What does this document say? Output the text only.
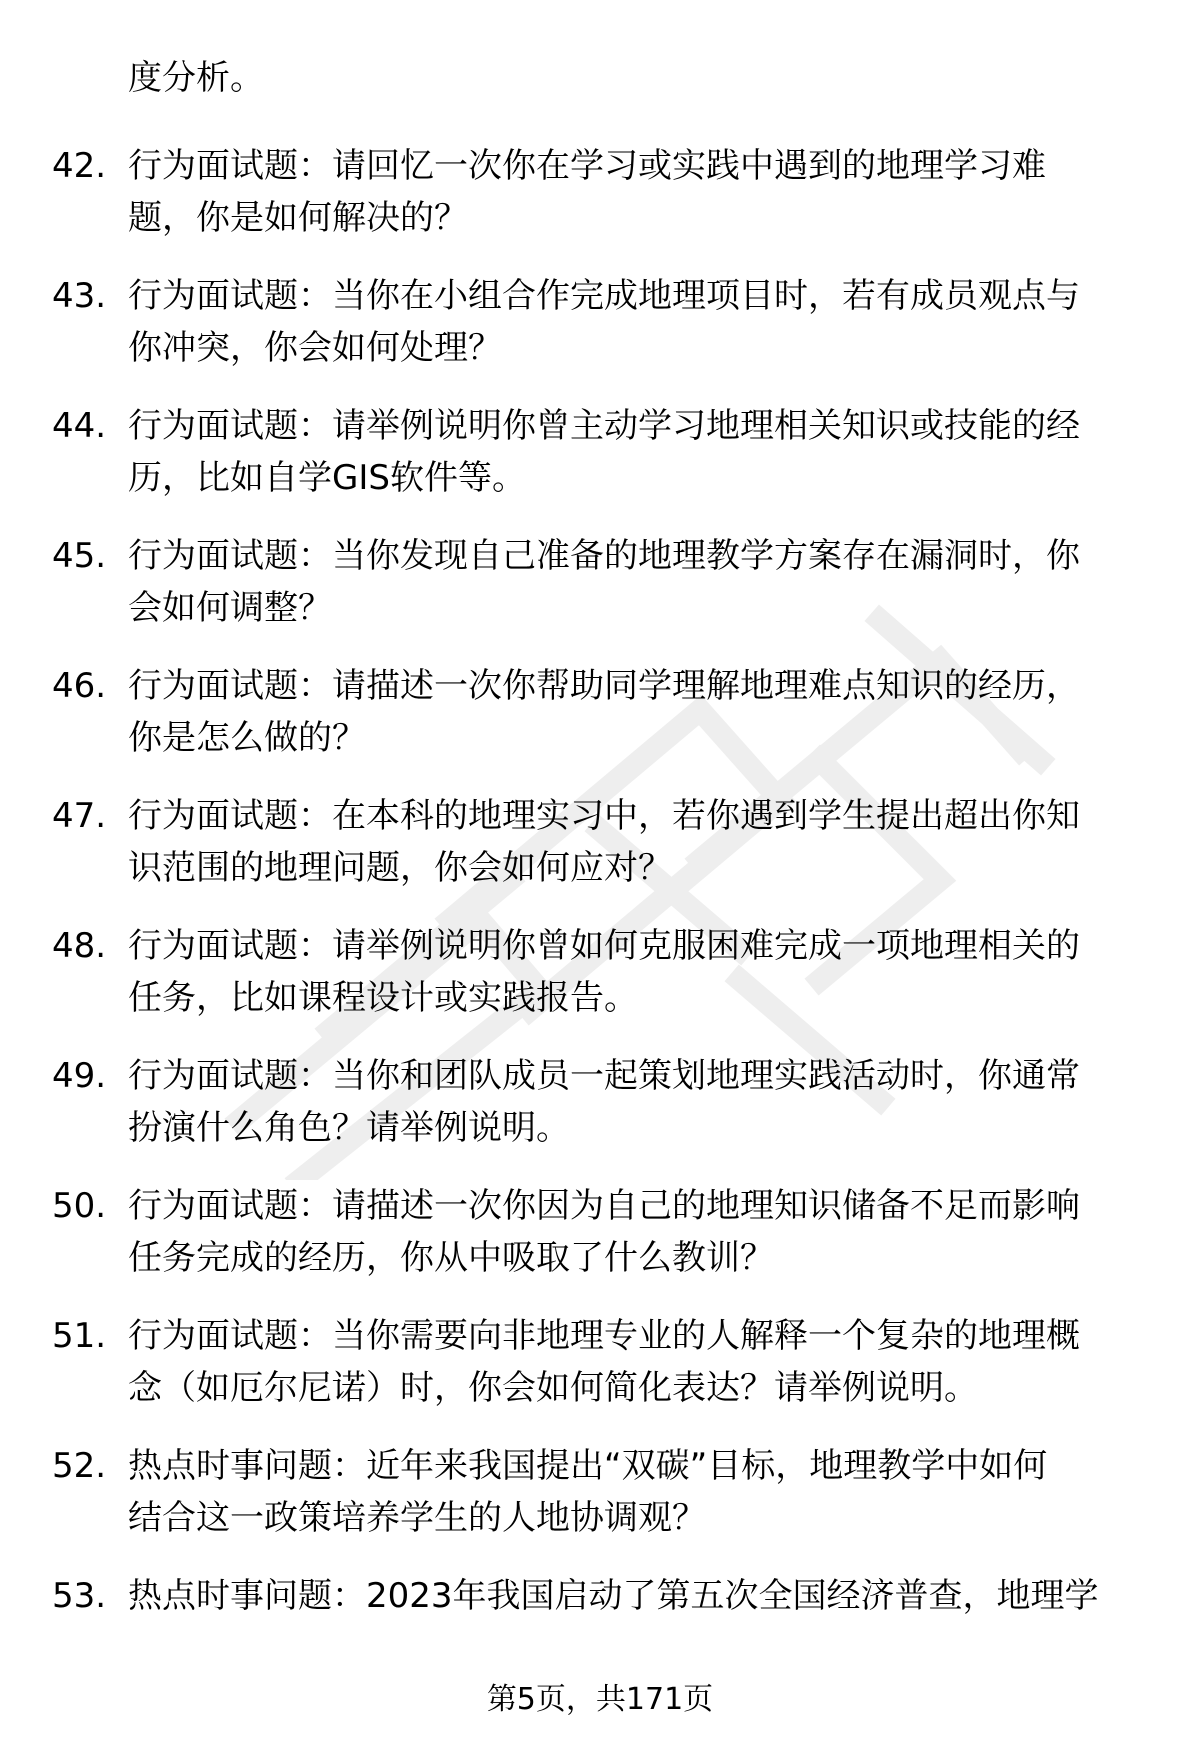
度分析。
42. 行为面试题：请回忆一次你在学习或实践中遇到的地理学习难
题，你是如何解决的？
43. 行为面试题：当你在小组合作完成地理项目时，若有成员观点与
你冲突，你会如何处理？
44. 行为面试题：请举例说明你曾主动学习地理相关知识或技能的经
历，比如自学GIS软件等。
45. 行为面试题：当你发现自己准备的地理教学方案存在漏洞时，你
会如何调整？
46. 行为面试题：请描述一次你帮助同学理解地理难点知识的经历，
你是怎么做的？
47. 行为面试题：在本科的地理实习中，若你遇到学生提出超出你知
识范围的地理问题，你会如何应对？
48. 行为面试题：请举例说明你曾如何克服困难完成一项地理相关的
任务，比如课程设计或实践报告。
49. 行为面试题：当你和团队成员一起策划地理实践活动时，你通常
扮演什么角色？请举例说明。
50. 行为面试题：请描述一次你因为自己的地理知识储备不足而影响
任务完成的经历，你从中吸取了什么教训？
51. 行为面试题：当你需要向非地理专业的人解释一个复杂的地理概
念（如厄尔尼诺）时，你会如何简化表达？请举例说明。
52. 热点时事问题：近年来我国提出“双碳”目标，地理教学中如何
结合这一政策培养学生的人地协调观？
53. 热点时事问题：2023年我国启动了第五次全国经济普查，地理学
第5页，共171页
